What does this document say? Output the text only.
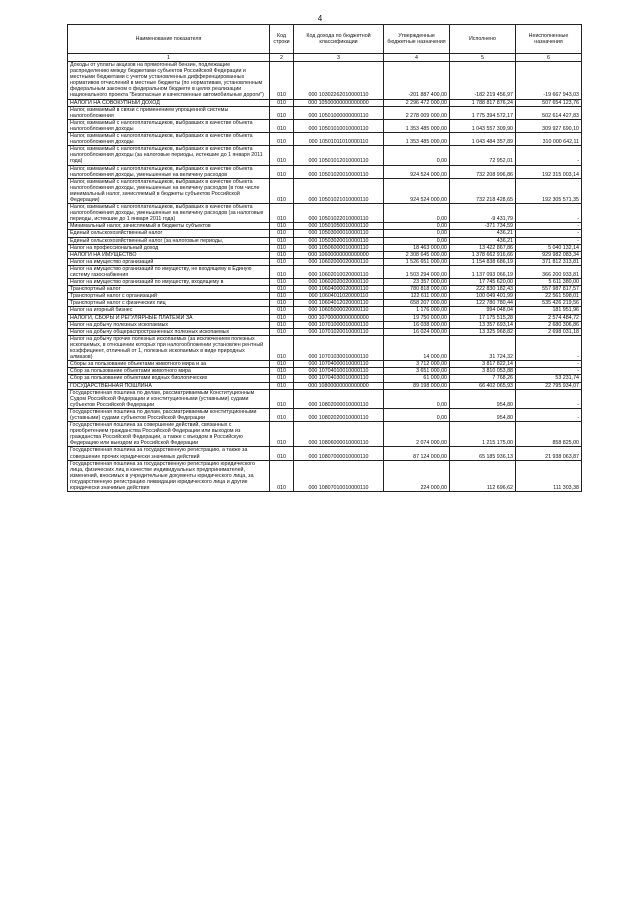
4
Наименование показателя	Код строки	Код дохода по бюджетной классификации	Утвержденные бюджетные назначения	Исполнено	Неисполненные назначения
1	2	3	4	5	6
Доходы от уплаты акцизов на прямогонный бензин, подлежащие распределению между бюджетами субъектов Российской Федерации и местными бюджетами с учетом установленных дифференцированных нормативов отчислений в местные бюджеты (по нормативам, установленным федеральным законом о федеральном бюджете в целях реализации национального проекта "Безопасные и качественные автомобильные дороги")	010	000 10302262010000110	-201 887 400,00	-182 219 456,97	-19 667 943,03
НАЛОГИ НА СОВОКУПНЫЙ ДОХОД	010	000 10500000000000000	2 296 472 000,00	1 788 817 876,24	507 654 123,76
Налог, взимаемый в связи с применением упрощенной системы налогообложения	010	000 10501000000000110	2 278 009 000,00	1 775 394 572,17	502 614 427,83
Налог, взимаемый с налогоплательщиков, выбравших в качестве объекта налогообложения доходы	010	000 10501010010000110	1 353 485 000,00	1 043 557 309,90	309 927 690,10
Налог, взимаемый с налогоплательщиков, выбравших в качестве объекта налогообложения доходы	010	000 10501011010000110	1 353 485 000,00	1 043 484 357,89	310 000 642,11
Налог, взимаемый с налогоплательщиков, выбравших в качестве объекта налогообложения доходы (за налоговые периоды, истекшие до 1 января 2011 года)	010	000 10501012010000110	0,00	72 952,01	-
Налог, взимаемый с налогоплательщиков, выбравших в качестве объекта налогообложения доходы, уменьшенные на величину расходов	010	000 10501020010000110	924 524 000,00	732 208 996,86	192 315 003,14
Налог, взимаемый с налогоплательщиков, выбравших в качестве объекта налогообложения доходы, уменьшенные на величину расходов (в том числе минимальный налог, зачисляемый в бюджеты субъектов Российской Федерации)	010	000 10501021010000110	924 524 000,00	732 218 428,65	192 305 571,35
Налог, взимаемый с налогоплательщиков, выбравших в качестве объекта налогообложения доходы, уменьшенные на величину расходов (за налоговые периоды, истекшие до 1 января 2011 года)	010	000 10501022010000110	0,00	-9 431,79	-
Минимальный налог, зачисляемый в бюджеты субъектов	010	000 10501050010000110	0,00	-371 734,59	-
Единый сельскохозяйственный налог	010	000 10503000010000110	0,00	436,21	-
Единый сельскохозяйственный налог (за налоговые периоды,	010	000 10503020010000110	0,00	436,21	-
Налог на профессиональный доход	010	000 10506000010000110	18 463 000,00	13 422 867,86	5 040 132,14
НАЛОГИ НА ИМУЩЕСТВО	010	000 10600000000000000	2 308 645 000,00	1 378 662 916,66	929 982 083,34
Налог на имущество организаций	010	000 10602000020000110	1 526 651 000,00	1 154 838 686,19	371 812 313,81
Налог на имущество организаций по имуществу, не входящему в Единую систему газоснабжения	010	000 10602010020000110	1 503 294 000,00	1 137 093 066,19	366 200 933,81
Налог на имущество организаций по имуществу, входящему в	010	000 10602020020000110	23 357 000,00	17 745 620,00	5 611 380,00
Транспортный налог	010	000 10604000020000110	780 818 000,00	222 830 182,43	557 987 817,57
Транспортный налог с организаций	010	000 10604011020000110	122 611 000,00	100 049 401,99	22 561 598,01
Транспортный налог с физических лиц	010	000 10604012020000110	658 207 000,00	122 780 780,44	535 426 219,56
Налог на игорный бизнес	010	000 10605000020000110	1 176 000,00	994 048,04	181 951,96
НАЛОГИ, СБОРЫ И РЕГУЛЯРНЫЕ ПЛАТЕЖИ ЗА	010	000 10700000000000000	19 750 000,00	17 175 515,28	2 574 484,72
Налог на добычу полезных ископаемых	010	000 10701000010000110	16 038 000,00	13 357 693,14	2 680 306,86
Налог на добычу общераспространенных полезных ископаемых	010	000 10701020010000110	16 024 000,00	13 325 968,82	2 698 031,18
Налог на добычу прочих полезных ископаемых (за исключением полезных ископаемых, в отношении которых при налогообложении установлен рентный коэффициент, отличный от 1, полезных ископаемых в виде природных алмазов)	010	000 10701030010000110	14 000,00	31 724,32	-
Сборы за пользование объектами животного мира и за	010	000 10704000010000110	3 712 000,00	3 817 822,14	-
Сбор за пользование объектами животного мира	010	000 10704010010000110	3 651 000,00	3 810 053,88	-
Сбор за пользование объектами водных биологических	010	000 10704030010000110	61 000,00	7 768,26	53 231,74
ГОСУДАРСТВЕННАЯ ПОШЛИНА	010	000 10800000000000000	89 198 000,00	66 402 065,93	22 795 934,07
Государственная пошлина по делам, рассматриваемым Конституционным Судом Российской Федерации и конституционными (уставными) судами субъектов Российской Федерации	010	000 10802000010000110	0,00	954,80	-
Государственная пошлина по делам, рассматриваемым конституционными (уставными) судами субъектов Российской Федерации	010	000 10802020010000110	0,00	954,80	-
Государственная пошлина за совершение действий, связанных с приобретением гражданства Российской Федерации или выходом из гражданства Российской Федерации, а также с въездом в Российскую Федерацию или выездом из Российской Федерации	010	000 10806000010000110	2 074 000,00	1 215 175,00	858 825,00
Государственная пошлина за государственную регистрацию, а также за совершение прочих юридически значимых действий	010	000 10807000010000110	87 124 000,00	65 185 936,13	21 938 063,87
Государственная пошлина за государственную регистрацию юридического лица, физических лиц в качестве индивидуальных предпринимателей, изменений, вносимых в учредительные документы юридического лица, за государственную регистрацию ликвидации юридического лица и другие юридически значимые действия	010	000 10807010010000110	224 000,00	112 696,62	111 303,38
